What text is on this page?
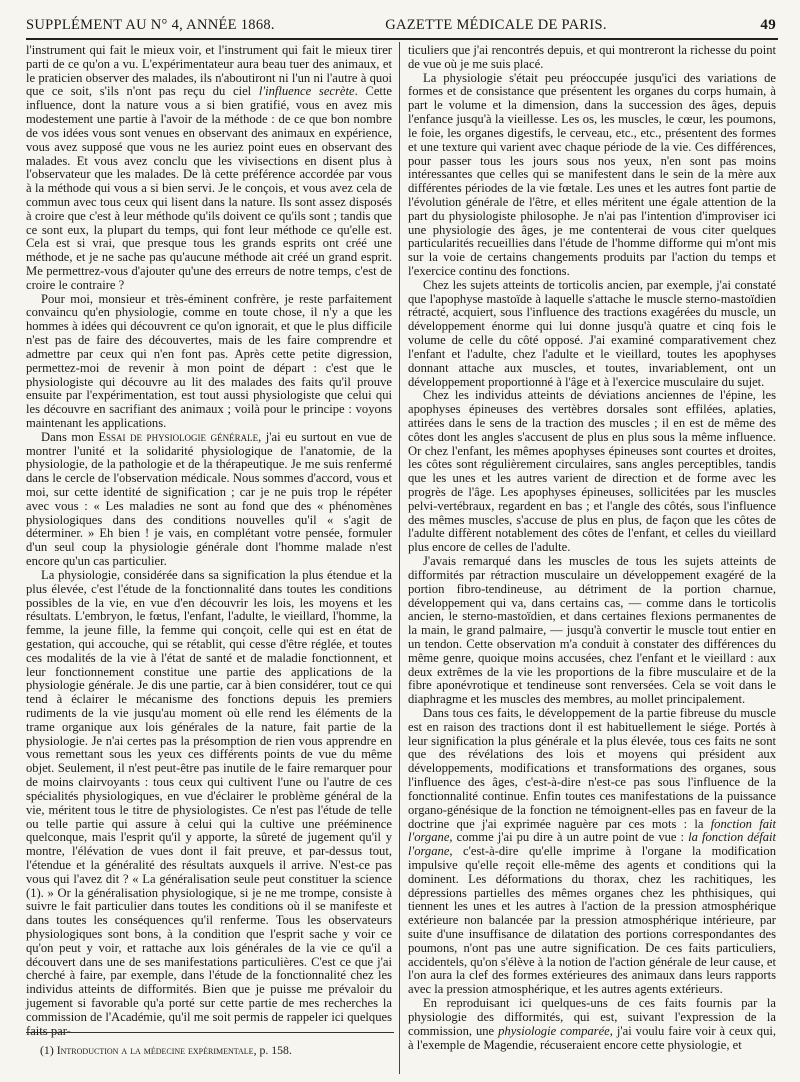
SUPPLÉMENT AU N° 4, ANNÉE 1868.	GAZETTE MÉDICALE DE PARIS.	49

l'instrument qui fait le mieux voir, et l'instrument qui fait le mieux tirer parti de ce qu'on a vu. L'expérimentateur aura beau tuer des animaux, et le praticien observer des malades, ils n'aboutiront ni l'un ni l'autre à quoi que ce soit, s'ils n'ont pas reçu du ciel l'influence secrète. Cette influence, dont la nature vous a si bien gratifié, vous en avez mis modestement une partie à l'avoir de la méthode : de ce que bon nombre de vos idées vous sont venues en observant des animaux en expérience, vous avez supposé que vous ne les auriez point eues en observant des malades. Et vous avez conclu que les vivisections en disent plus à l'observateur que les malades. De là cette préférence accordée par vous à la méthode qui vous a si bien servi. Je le conçois, et vous avez cela de commun avec tous ceux qui lisent dans la nature. Ils sont assez disposés à croire que c'est à leur méthode qu'ils doivent ce qu'ils sont ; tandis que ce sont eux, la plupart du temps, qui font leur méthode ce qu'elle est. Cela est si vrai, que presque tous les grands esprits ont créé une méthode, et je ne sache pas qu'aucune méthode ait créé un grand esprit. Me permettrez-vous d'ajouter qu'une des erreurs de notre temps, c'est de croire le contraire ?

Pour moi, monsieur et très-éminent confrère, je reste parfaitement convaincu qu'en physiologie, comme en toute chose, il n'y a que les hommes à idées qui découvrent ce qu'on ignorait, et que le plus difficile n'est pas de faire des découvertes, mais de les faire comprendre et admettre par ceux qui n'en font pas. Après cette petite digression, permettez-moi de revenir à mon point de départ : c'est que le physiologiste qui découvre au lit des malades des faits qu'il prouve ensuite par l'expérimentation, est tout aussi physiologiste que celui qui les découvre en sacrifiant des animaux ; voilà pour le principe : voyons maintenant les applications.

Dans mon Essai de physiologie générale, j'ai eu surtout en vue de montrer l'unité et la solidarité physiologique de l'anatomie, de la physiologie, de la pathologie et de la thérapeutique. Je me suis renfermé dans le cercle de l'observation médicale. Nous sommes d'accord, vous et moi, sur cette identité de signification ; car je ne puis trop le répéter avec vous : « Les maladies ne sont au fond que des « phénomènes physiologiques dans des conditions nouvelles qu'il « s'agit de déterminer. » Eh bien ! je vais, en complétant votre pensée, formuler d'un seul coup la physiologie générale dont l'homme malade n'est encore qu'un cas particulier.

La physiologie, considérée dans sa signification la plus étendue et la plus élevée, c'est l'étude de la fonctionnalité dans toutes les conditions possibles de la vie, en vue d'en découvrir les lois, les moyens et les résultats. L'embryon, le fœtus, l'enfant, l'adulte, le vieillard, l'homme, la femme, la jeune fille, la femme qui conçoit, celle qui est en état de gestation, qui accouche, qui se rétablit, qui cesse d'être réglée, et toutes ces modalités de la vie à l'état de santé et de maladie fonctionnent, et leur fonctionnement constitue une partie des applications de la physiologie générale. Je dis une partie, car à bien considérer, tout ce qui tend à éclairer le mécanisme des fonctions depuis les premiers rudiments de la vie jusqu'au moment où elle rend les éléments de la trame organique aux lois générales de la nature, fait partie de la physiologie. Je n'ai certes pas la présomption de rien vous apprendre en vous remettant sous les yeux ces différents points de vue du même objet. Seulement, il n'est peut-être pas inutile de le faire remarquer pour de moins clairvoyants : tous ceux qui cultivent l'une ou l'autre de ces spécialités physiologiques, en vue d'éclairer le problème général de la vie, méritent tous le titre de physiologistes. Ce n'est pas l'étude de telle ou telle partie qui assure à celui qui la cultive une prééminence quelconque, mais l'esprit qu'il y apporte, la sûreté de jugement qu'il y montre, l'élévation de vues dont il fait preuve, et par-dessus tout, l'étendue et la généralité des résultats auxquels il arrive. N'est-ce pas vous qui l'avez dit ? « La généralisation seule peut constituer la science (1). » Or la généralisation physiologique, si je ne me trompe, consiste à suivre le fait particulier dans toutes les conditions où il se manifeste et dans toutes les conséquences qu'il renferme. Tous les observateurs physiologiques sont bons, à la condition que l'esprit sache y voir ce qu'on peut y voir, et rattache aux lois générales de la vie ce qu'il a découvert dans une de ses manifestations particulières. C'est ce que j'ai cherché à faire, par exemple, dans l'étude de la fonctionnalité chez les individus atteints de difformités. Bien que je puisse me prévaloir du jugement si favorable qu'a porté sur cette partie de mes recherches la commission de l'Académie, qu'il me soit permis de rappeler ici quelques faits par-

(1) Introduction a la médecine expérimentale, p. 158.

ticuliers que j'ai rencontrés depuis, et qui montreront la richesse du point de vue où je me suis placé.

La physiologie s'était peu préoccupée jusqu'ici des variations de formes et de consistance que présentent les organes du corps humain, à part le volume et la dimension, dans la succession des âges, depuis l'enfance jusqu'à la vieillesse. Les os, les muscles, le cœur, les poumons, le foie, les organes digestifs, le cerveau, etc., etc., présentent des formes et une texture qui varient avec chaque période de la vie. Ces différences, pour passer tous les jours sous nos yeux, n'en sont pas moins intéressantes que celles qui se manifestent dans le sein de la mère aux différentes périodes de la vie fœtale. Les unes et les autres font partie de l'évolution générale de l'être, et elles méritent une égale attention de la part du physiologiste philosophe. Je n'ai pas l'intention d'improviser ici une physiologie des âges, je me contenterai de vous citer quelques particularités recueillies dans l'étude de l'homme difforme qui m'ont mis sur la voie de certains changements produits par l'action du temps et l'exercice continu des fonctions.

Chez les sujets atteints de torticolis ancien, par exemple, j'ai constaté que l'apophyse mastoïde à laquelle s'attache le muscle sterno-mastoïdien rétracté, acquiert, sous l'influence des tractions exagérées du muscle, un développement énorme qui lui donne jusqu'à quatre et cinq fois le volume de celle du côté opposé. J'ai examiné comparativement chez l'enfant et l'adulte, chez l'adulte et le vieillard, toutes les apophyses donnant attache aux muscles, et toutes, invariablement, ont un développement proportionné à l'âge et à l'exercice musculaire du sujet.

Chez les individus atteints de déviations anciennes de l'épine, les apophyses épineuses des vertèbres dorsales sont effilées, aplaties, attirées dans le sens de la traction des muscles ; il en est de même des côtes dont les angles s'accusent de plus en plus sous la même influence. Or chez l'enfant, les mêmes apophyses épineuses sont courtes et droites, les côtes sont régulièrement circulaires, sans angles perceptibles, tandis que les unes et les autres varient de direction et de forme avec les progrès de l'âge. Les apophyses épineuses, sollicitées par les muscles pelvi-vertébraux, regardent en bas ; et l'angle des côtés, sous l'influence des mêmes muscles, s'accuse de plus en plus, de façon que les côtes de l'adulte diffèrent notablement des côtes de l'enfant, et celles du vieillard plus encore de celles de l'adulte.

J'avais remarqué dans les muscles de tous les sujets atteints de difformités par rétraction musculaire un développement exagéré de la portion fibro-tendineuse, au détriment de la portion charnue, développement qui va, dans certains cas, — comme dans le torticolis ancien, le sterno-mastoïdien, et dans certaines flexions permanentes de la main, le grand palmaire, — jusqu'à convertir le muscle tout entier en un tendon. Cette observation m'a conduit à constater des différences du même genre, quoique moins accusées, chez l'enfant et le vieillard : aux deux extrêmes de la vie les proportions de la fibre musculaire et de la fibre aponévrotique et tendineuse sont renversées. Cela se voit dans le diaphragme et les muscles des membres, au mollet principalement.

Dans tous ces faits, le développement de la partie fibreuse du muscle est en raison des tractions dont il est habituellement le siége. Portés à leur signification la plus générale et la plus élevée, tous ces faits ne sont que des révélations des lois et moyens qui président aux développements, modifications et transformations des organes, sous l'influence des âges, c'est-à-dire n'est-ce pas sous l'influence de la fonctionnalité continue. Enfin toutes ces manifestations de la puissance organo-génésique de la fonction ne témoignent-elles pas en faveur de la doctrine que j'ai exprimée naguère par ces mots : la fonction fait l'organe, comme j'ai pu dire à un autre point de vue : la fonction défait l'organe, c'est-à-dire qu'elle imprime à l'organe la modification impulsive qu'elle reçoit elle-même des agents et conditions qui la dominent. Les déformations du thorax, chez les rachitiques, les dépressions partielles des mêmes organes chez les phthisiques, qui tiennent les unes et les autres à l'action de la pression atmosphérique extérieure non balancée par la pression atmosphérique intérieure, par suite d'une insuffisance de dilatation des portions correspondantes des poumons, n'ont pas une autre signification. De ces faits particuliers, accidentels, qu'on s'élève à la notion de l'action générale de leur cause, et l'on aura la clef des formes extérieures des animaux dans leurs rapports avec la pression atmosphérique, et les autres agents extérieurs.

En reproduisant ici quelques-uns de ces faits fournis par la physiologie des difformités, qui est, suivant l'expression de la commission, une physiologie comparée, j'ai voulu faire voir à ceux qui, à l'exemple de Magendie, récuseraient encore cette physiologie, et
